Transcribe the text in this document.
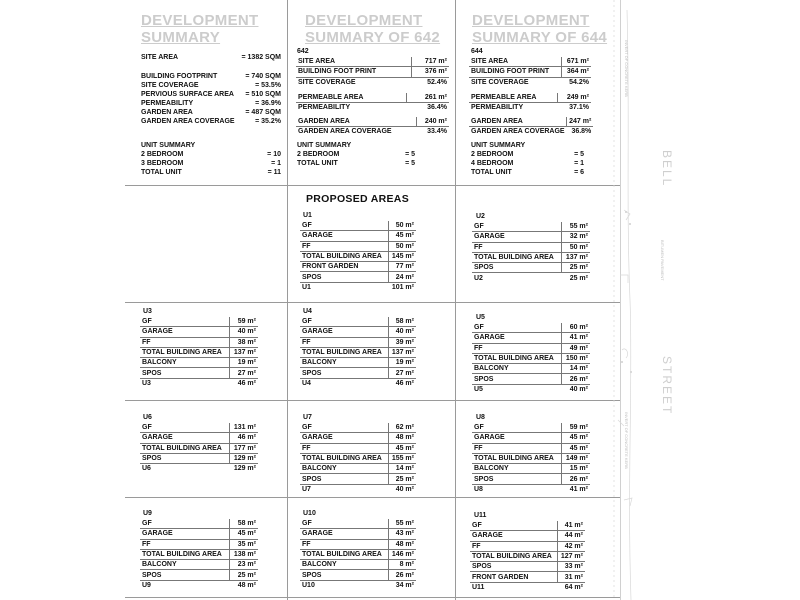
DEVELOPMENT
SUMMARY
SITE AREA	= 1382 SQM
BUILDING FOOTPRINT	= 740 SQM
SITE COVERAGE	= 53.5%
PERVIOUS SURFACE AREA	= 510 SQM
PERMEABILITY	= 36.9%
GARDEN AREA	= 487 SQM
GARDEN AREA COVERAGE	= 35.2%
UNIT SUMMARY
2 BEDROOM	= 10
3 BEDROOM	= 1
TOTAL UNIT	= 11
DEVELOPMENT
SUMMARY OF 642
642
SITE AREA	717 m²
BUILDING FOOT PRINT	376 m²
SITE COVERAGE	52.4%
PERMEABLE AREA	261 m²
PERMEABILITY	36.4%
GARDEN AREA	240 m²
GARDEN AREA COVERAGE	33.4%
UNIT SUMMARY
2 BEDROOM	= 5
TOTAL UNIT	= 5
DEVELOPMENT
SUMMARY OF 644
644
SITE AREA	671 m²
BUILDING FOOT PRINT	364 m²
SITE COVERAGE	54.2%
PERMEABLE AREA	249 m²
PERMEABILITY	37.1%
GARDEN AREA	247 m²
GARDEN AREA COVERAGE	36.8%
UNIT SUMMARY
2 BEDROOM	= 5
4 BEDROOM	= 1
TOTAL UNIT	= 6
PROPOSED AREAS
U1
GF	50 m²
GARAGE	45 m²
FF	50 m²
TOTAL BUILDING AREA	145 m²
FRONT GARDEN	77 m²
SPOS	24 m²
U1	101 m²
U2
GF	55 m²
GARAGE	32 m²
FF	50 m²
TOTAL BUILDING AREA	137 m²
SPOS	25 m²
U2	25 m²
U3
GF	59 m²
GARAGE	40 m²
FF	38 m²
TOTAL BUILDING AREA	137 m²
BALCONY	19 m²
SPOS	27 m²
U3	46 m²
U4
GF	58 m²
GARAGE	40 m²
FF	39 m²
TOTAL BUILDING AREA	137 m²
BALCONY	19 m²
SPOS	27 m²
U4	46 m²
U5
GF	60 m²
GARAGE	41 m²
FF	49 m²
TOTAL BUILDING AREA	150 m²
BALCONY	14 m²
SPOS	26 m²
U5	40 m²
U6
GF	131 m²
GARAGE	46 m²
TOTAL BUILDING AREA	177 m²
SPOS	129 m²
U6	129 m²
U7
GF	62 m²
GARAGE	48 m²
FF	45 m²
TOTAL BUILDING AREA	155 m²
BALCONY	14 m²
SPOS	25 m²
U7	40 m²
U8
GF	59 m²
GARAGE	45 m²
FF	45 m²
TOTAL BUILDING AREA	149 m²
BALCONY	15 m²
SPOS	26 m²
U8	41 m²
U9
GF	58 m²
GARAGE	45 m²
FF	35 m²
TOTAL BUILDING AREA	138 m²
BALCONY	23 m²
SPOS	25 m²
U9	48 m²
U10
GF	55 m²
GARAGE	43 m²
FF	48 m²
TOTAL BUILDING AREA	146 m²
BALCONY	8 m²
SPOS	26 m²
U10	34 m²
U11
GF	41 m²
GARAGE	44 m²
FF	42 m²
TOTAL BUILDING AREA	127 m²
SPOS	33 m²
FRONT GARDEN	31 m²
U11	64 m²
BELL
STREET
INVERT OF CONCRETE KERB
INVERT OF CONCRETE KERB
BITUMEN PAVEMENT
